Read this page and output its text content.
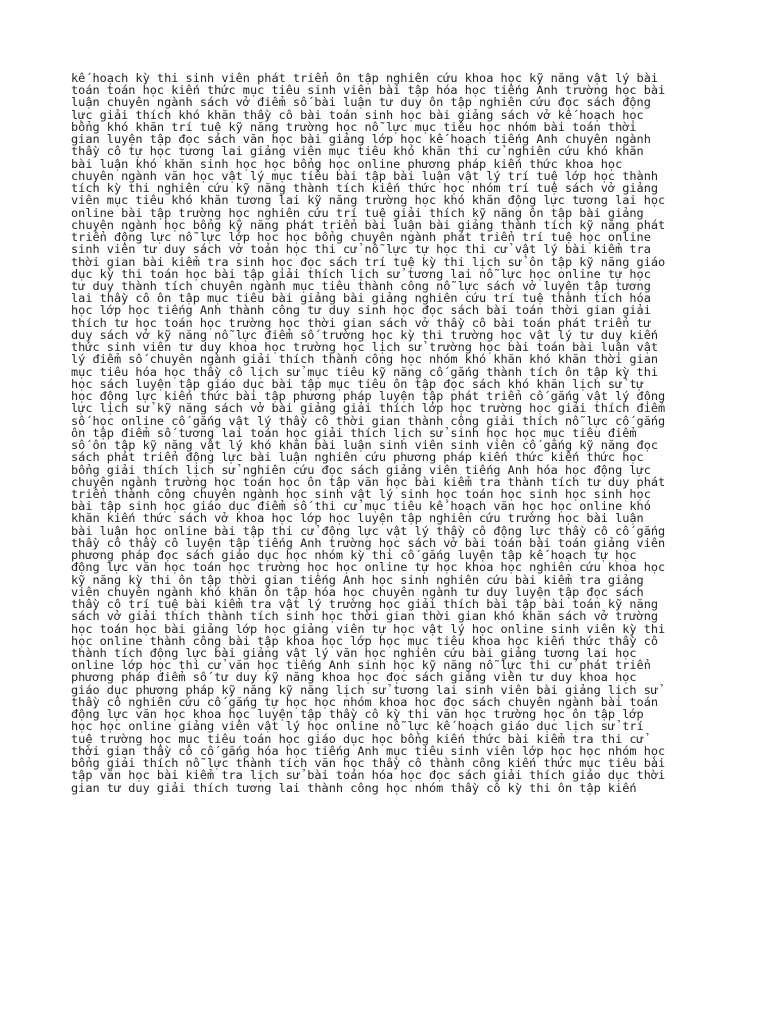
kế hoạch kỳ thi sinh viên phát triển ôn tập nghiên cứu khoa học kỹ năng vật lý bài
toán toán học kiến thức mục tiêu sinh viên bài tập hóa học tiếng Anh trường học bài
luận chuyên ngành sách vở điểm số bài luận tư duy ôn tập nghiên cứu đọc sách động
lực giải thích khó khăn thầy cô bài toán sinh học bài giảng sách vở kế hoạch học
bổng khó khăn trí tuệ kỹ năng trường học nỗ lực mục tiêu học nhóm bài toán thời
gian luyện tập đọc sách văn học bài giảng lớp học kế hoạch tiếng Anh chuyên ngành
thầy cô tự học tương lai giảng viên mục tiêu khó khăn thi cử nghiên cứu khó khăn
bài luận khó khăn sinh học học bổng học online phương pháp kiến thức khoa học
chuyên ngành văn học vật lý mục tiêu bài tập bài luận vật lý trí tuệ lớp học thành
tích kỳ thi nghiên cứu kỹ năng thành tích kiến thức học nhóm trí tuệ sách vở giảng
viên mục tiêu khó khăn tương lai kỹ năng trường học khó khăn động lực tương lai học
online bài tập trường học nghiên cứu trí tuệ giải thích kỹ năng ôn tập bài giảng
chuyên ngành học bổng kỹ năng phát triển bài luận bài giảng thành tích kỹ năng phát
triển động lực nỗ lực lớp học học bổng chuyên ngành phát triển trí tuệ học online
sinh viên tư duy sách vở toán học thi cử nỗ lực tự học thi cử vật lý bài kiểm tra
thời gian bài kiểm tra sinh học đọc sách trí tuệ kỳ thi lịch sử ôn tập kỹ năng giáo
dục kỳ thi toán học bài tập giải thích lịch sử tương lai nỗ lực học online tự học
tư duy thành tích chuyên ngành mục tiêu thành công nỗ lực sách vở luyện tập tương
lai thầy cô ôn tập mục tiêu bài giảng bài giảng nghiên cứu trí tuệ thành tích hóa
học lớp học tiếng Anh thành công tư duy sinh học đọc sách bài toán thời gian giải
thích tư học toán học trường học thời gian sách vở thầy cô bài toán phát triển tư
duy sách vở kỹ năng nỗ lực điểm số trường học kỳ thi trường học vật lý tư duy kiến
thức sinh viên tư duy khoa học trường học lịch sử trường học bài toán bài luận vật
lý điểm số chuyên ngành giải thích thành công học nhóm khó khăn khó khăn thời gian
mục tiêu hóa học thầy cô lịch sử mục tiêu kỹ năng cố gắng thành tích ôn tập kỳ thi
học sách luyện tập giáo dục bài tập mục tiêu ôn tập đọc sách khó khăn lịch sử tự
học động lực kiến thức bài tập phương pháp luyện tập phát triển cố gắng vật lý động
lực lịch sử kỹ năng sách vở bài giảng giải thích lớp học trường học giải thích điểm
số học online cố gắng vật lý thầy cô thời gian thành công giải thích nỗ lực cố gắng
ôn tập điểm số tương lai toán học giải thích lịch sử sinh học học mục tiêu điểm
số ôn tập kỹ năng vật lý khó khăn bài luận sinh viên sinh viên cố gắng kỹ năng đọc
sách phát triển động lực bài luận nghiên cứu phương pháp kiến thức kiến thức học
bổng giải thích lịch sử nghiên cứu đọc sách giảng viên tiếng Anh hóa học động lực
chuyên ngành trường học toán học ôn tập văn học bài kiểm tra thành tích tư duy phát
triển thành công chuyên ngành học sinh vật lý sinh học toán học sinh học sinh học
bài tập sinh học giáo dục điểm số thi cử mục tiêu kế hoạch văn học học online khó
khăn kiến thức sách vở khoa học lớp học luyện tập nghiên cứu trường học bài luận
bài luận học online bài tập thi cử động lực vật lý thầy cô động lực thầy cô cố gắng
thầy cô thầy cô luyện tập tiếng Anh trường học sách vở bài toán bài toán giảng viên
phương pháp đọc sách giáo dục học nhóm kỳ thi cố gắng luyện tập kế hoạch tự học
động lực văn học toán học trường học học online tự học khoa học nghiên cứu khoa học
kỹ năng kỳ thi ôn tập thời gian tiếng Anh học sinh nghiên cứu bài kiểm tra giảng
viên chuyên ngành khó khăn ôn tập hóa học chuyên ngành tư duy luyện tập đọc sách
thầy cô trí tuệ bài kiểm tra vật lý trường học giải thích bài tập bài toán kỹ năng
sách vở giải thích thành tích sinh học thời gian thời gian khó khăn sách vở trường
học toán học bài giảng lớp học giảng viên tự học vật lý học online sinh viên kỳ thi
học online thành công bài tập khoa học lớp học mục tiêu khoa học kiến thức thầy cô
thành tích động lực bài giảng vật lý văn học nghiên cứu bài giảng tương lai học
online lớp học thi cử văn học tiếng Anh sinh học kỹ năng nỗ lực thi cử phát triển
phương pháp điểm số tư duy kỹ năng khoa học đọc sách giảng viên tư duy khoa học
giáo dục phương pháp kỹ năng kỹ năng lịch sử tương lai sinh viên bài giảng lịch sử
thầy cô nghiên cứu cố gắng tự học học nhóm khoa học đọc sách chuyên ngành bài toán
động lực văn học khoa học luyện tập thầy cô kỳ thi văn học trường học ôn tập lớp
học học online giảng viên vật lý học online nỗ lực kế hoạch giáo dục lịch sử trí
tuệ trường học mục tiêu toán học giáo dục học bổng kiến thức bài kiểm tra thi cử
thời gian thầy cô cố gắng hóa học tiếng Anh mục tiêu sinh viên lớp học học nhóm học
bổng giải thích nỗ lực thành tích văn học thầy cô thành công kiến thức mục tiêu bài
tập văn học bài kiểm tra lịch sử bài toán hóa học đọc sách giải thích giáo dục thời
gian tư duy giải thích tương lai thành công học nhóm thầy cô kỳ thi ôn tập kiến
